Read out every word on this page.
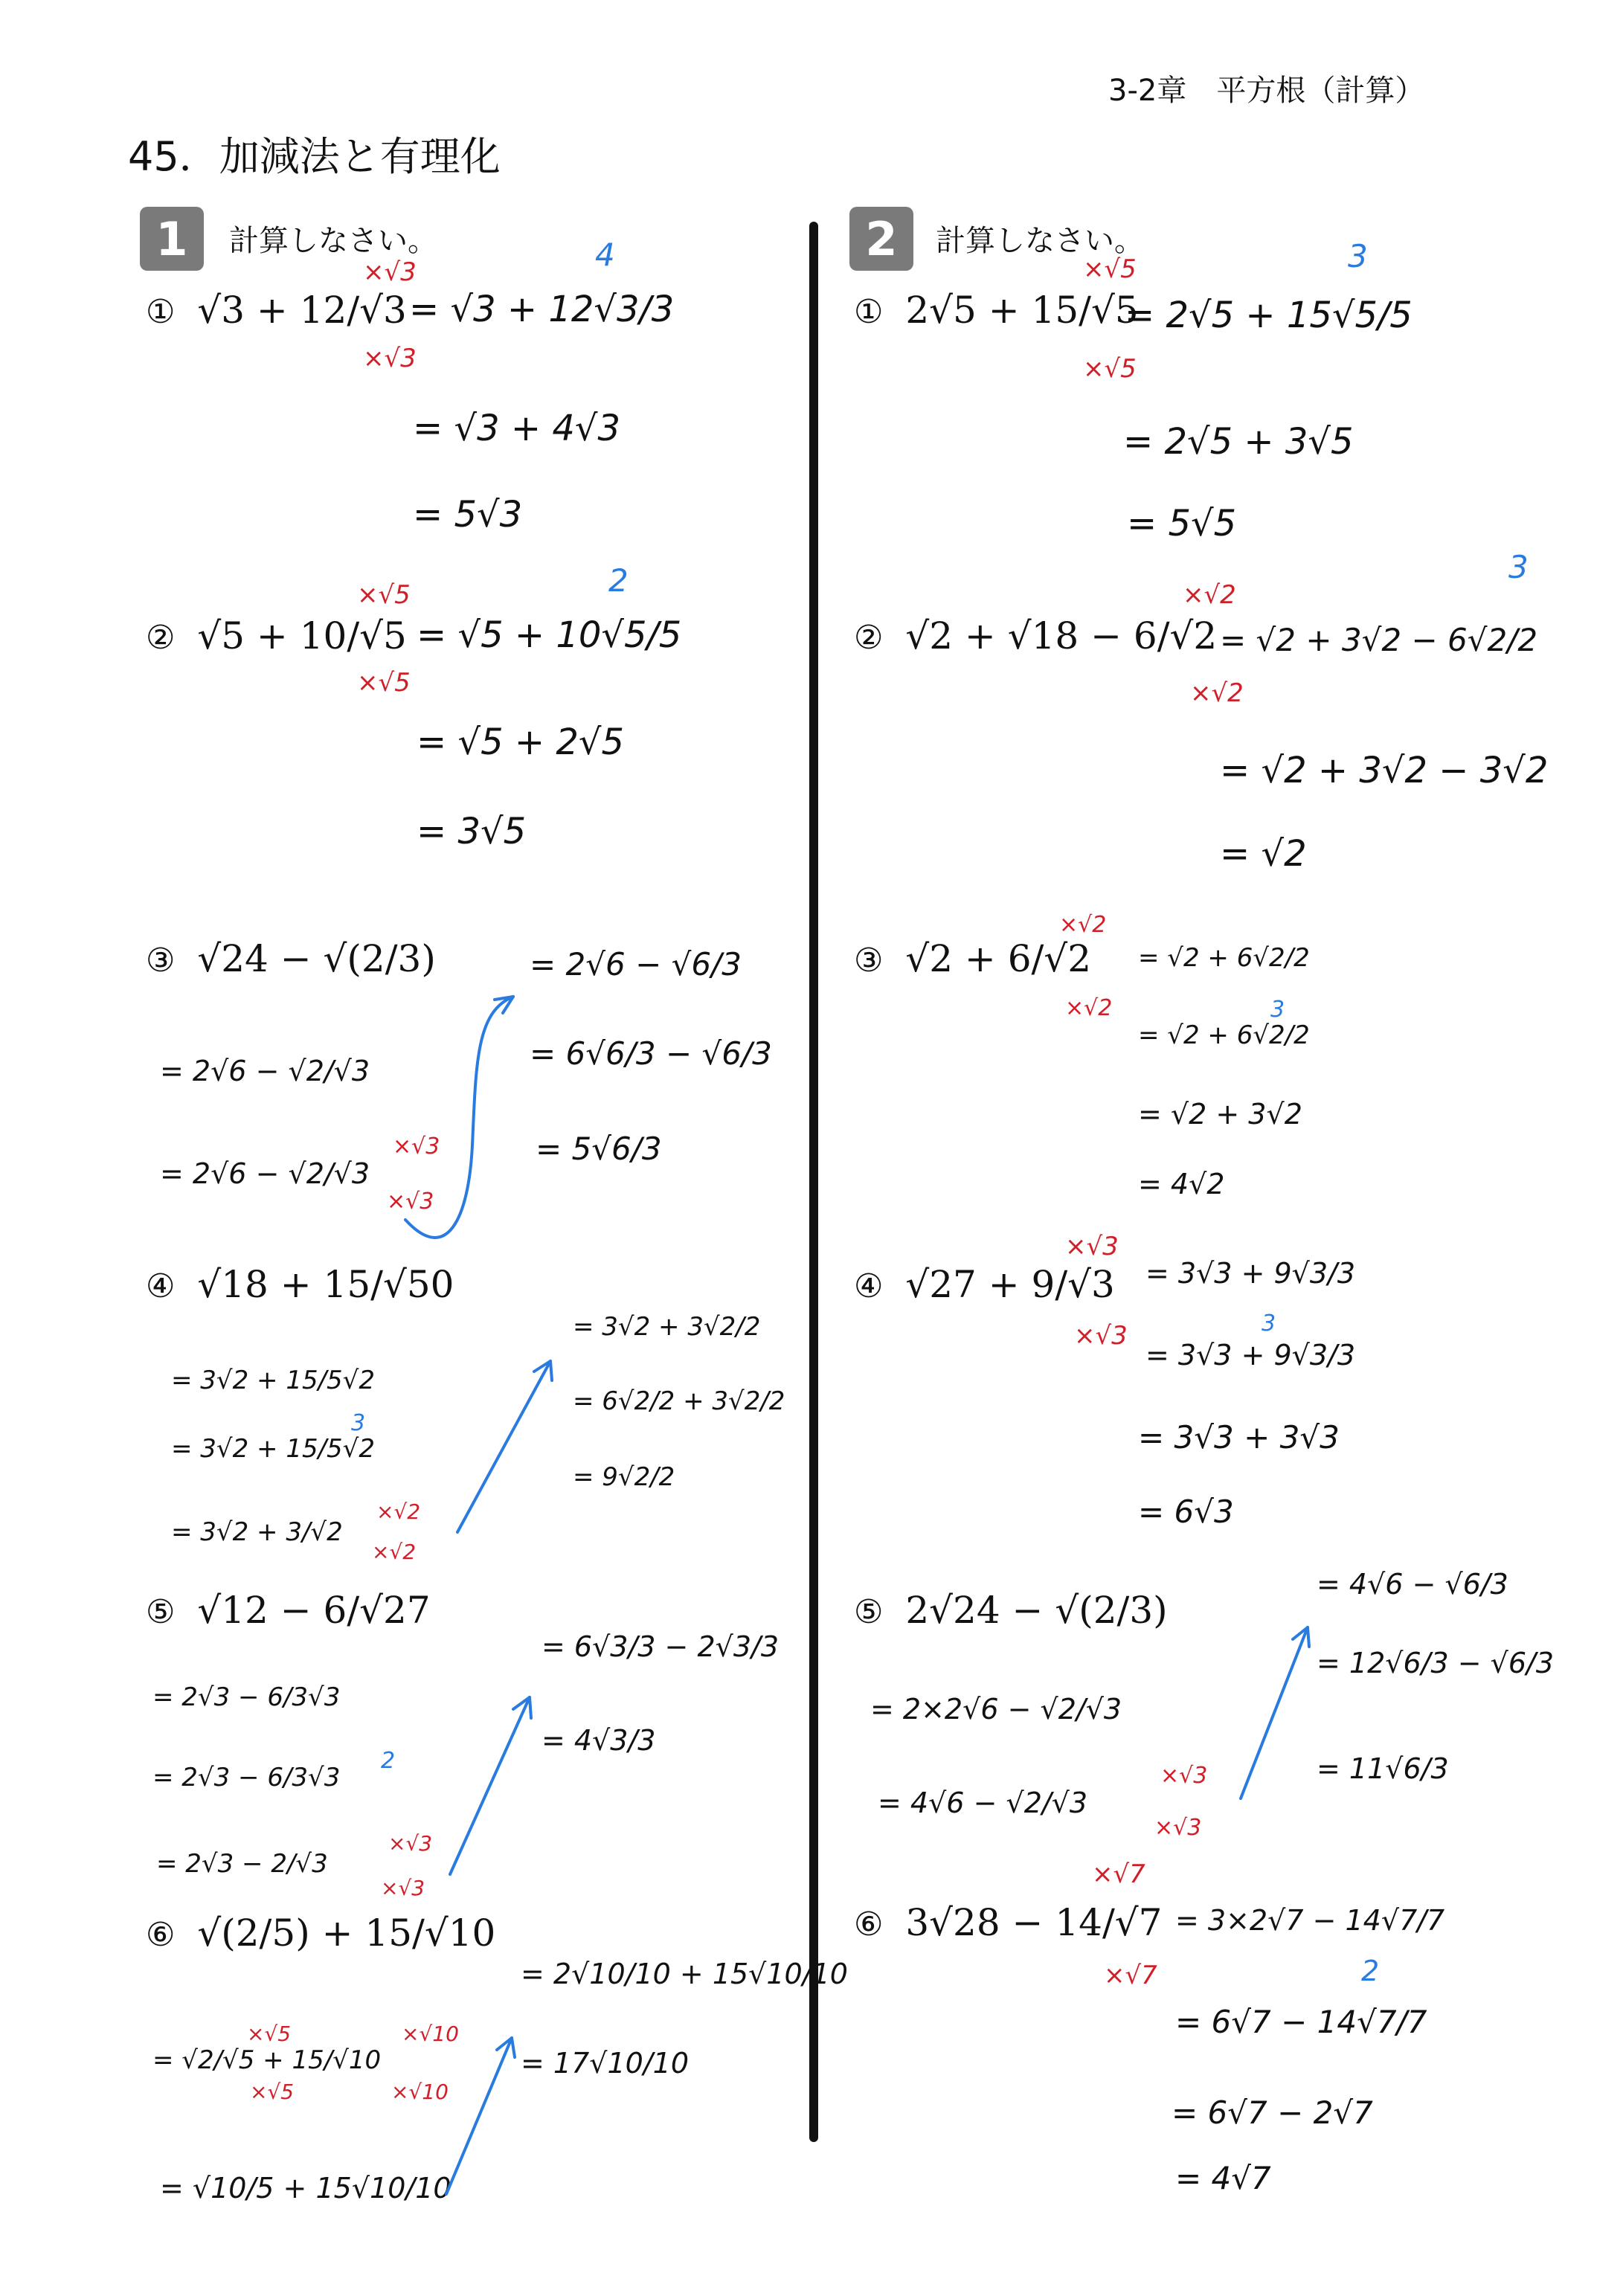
3-2章　平方根（計算）
45．加減法と有理化
1	計算しなさい。	2	計算しなさい。
① √3 + 12/√3
×√3
×√3
4
= √3 + 12√3/3
= √3 + 4√3
= 5√3
② √5 + 10/√5
×√5
×√5
2
= √5 + 10√5/5
= √5 + 2√5
= 3√5
③ √24 − √(2/3)
= 2√6 − √2/√3
= 2√6 − √2/√3
×√3
×√3
= 2√6 − √6/3
= 6√6/3 − √6/3
= 5√6/3
④ √18 + 15/√50
= 3√2 + 15/5√2
= 3√2 + 15/5√2
3
= 3√2 + 3/√2
×√2
×√2
= 3√2 + 3√2/2
= 6√2/2 + 3√2/2
= 9√2/2
⑤ √12 − 6/√27
= 2√3 − 6/3√3
= 2√3 − 6/3√3
2
= 2√3 − 2/√3
×√3
×√3
= 6√3/3 − 2√3/3
= 4√3/3
⑥ √(2/5) + 15/√10
= √2/√5 + 15/√10
×√5
×√5
×√10
×√10
= √10/5 + 15√10/10
= 2√10/10 + 15√10/10
= 17√10/10
① 2√5 + 15/√5
×√5
×√5
3
= 2√5 + 15√5/5
= 2√5 + 3√5
= 5√5
② √2 + √18 − 6/√2
×√2
×√2
3
= √2 + 3√2 − 6√2/2
= √2 + 3√2 − 3√2
= √2
③ √2 + 6/√2
×√2
×√2
= √2 + 6√2/2
= √2 + 6√2/2
3
= √2 + 3√2
= 4√2
④ √27 + 9/√3
×√3
×√3
= 3√3 + 9√3/3
= 3√3 + 9√3/3
3
= 3√3 + 3√3
= 6√3
⑤ 2√24 − √(2/3)
= 2×2√6 − √2/√3
= 4√6 − √2/√3
×√3
×√3
= 4√6 − √6/3
= 12√6/3 − √6/3
= 11√6/3
⑥ 3√28 − 14/√7
×√7
×√7	2
= 3×2√7 − 14√7/7
= 6√7 − 14√7/7
= 6√7 − 2√7
= 4√7
